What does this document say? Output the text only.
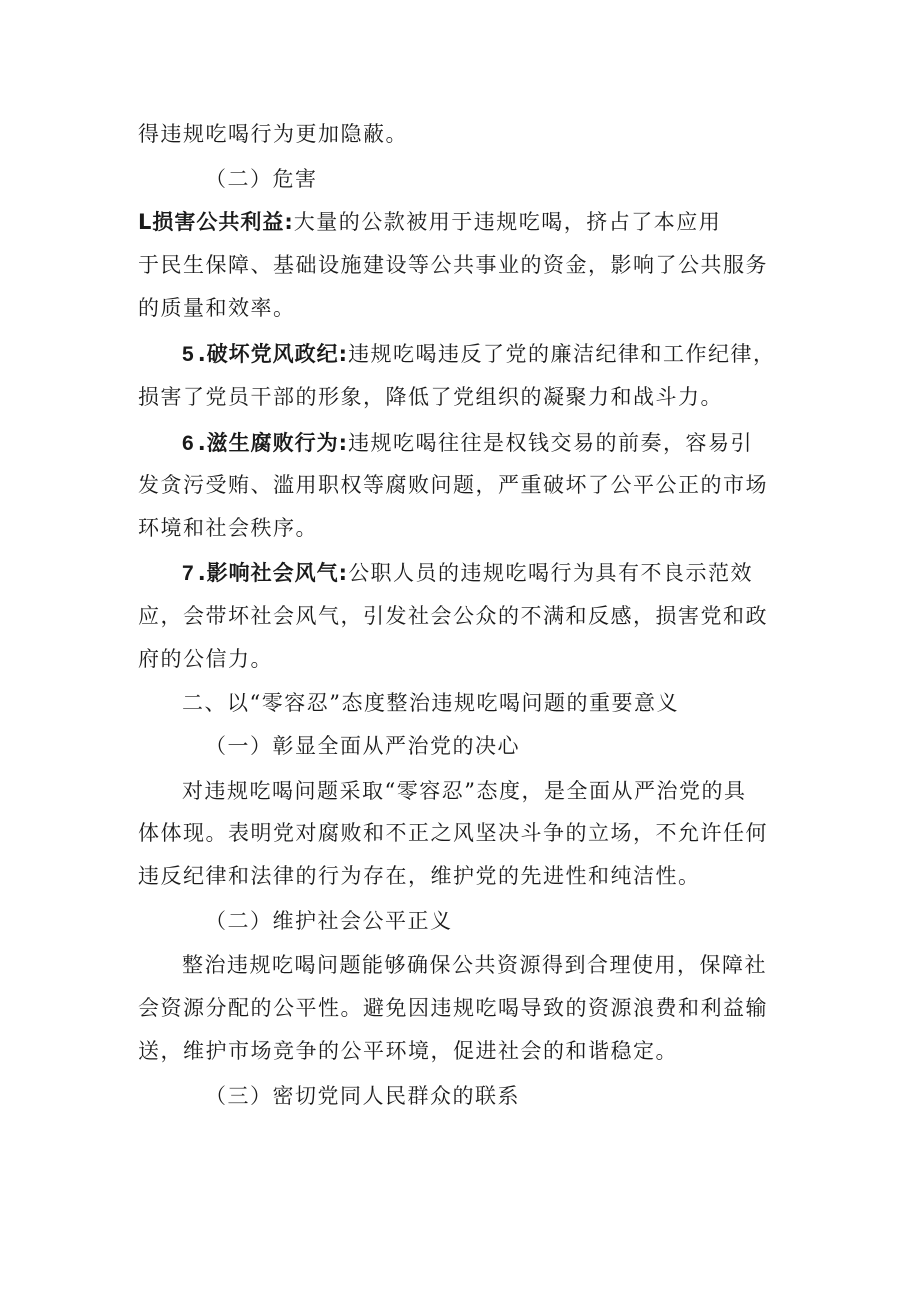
得违规吃喝行为更加隐蔽。
（二）危害
L损害公共利益:大量的公款被用于违规吃喝，挤占了本应用
于民生保障、基础设施建设等公共事业的资金，影响了公共服务
的质量和效率。
5 .破坏党风政纪:违规吃喝违反了党的廉洁纪律和工作纪律，
损害了党员干部的形象，降低了党组织的凝聚力和战斗力。
6 .滋生腐败行为:违规吃喝往往是权钱交易的前奏，容易引
发贪污受贿、滥用职权等腐败问题，严重破坏了公平公正的市场
环境和社会秩序。
7 .影响社会风气:公职人员的违规吃喝行为具有不良示范效
应，会带坏社会风气，引发社会公众的不满和反感，损害党和政
府的公信力。
二、以“零容忍”态度整治违规吃喝问题的重要意义
（一）彰显全面从严治党的决心
对违规吃喝问题采取“零容忍”态度，是全面从严治党的具
体体现。表明党对腐败和不正之风坚决斗争的立场，不允许任何
违反纪律和法律的行为存在，维护党的先进性和纯洁性。
（二）维护社会公平正义
整治违规吃喝问题能够确保公共资源得到合理使用，保障社
会资源分配的公平性。避免因违规吃喝导致的资源浪费和利益输
送，维护市场竞争的公平环境，促进社会的和谐稳定。
（三）密切党同人民群众的联系
